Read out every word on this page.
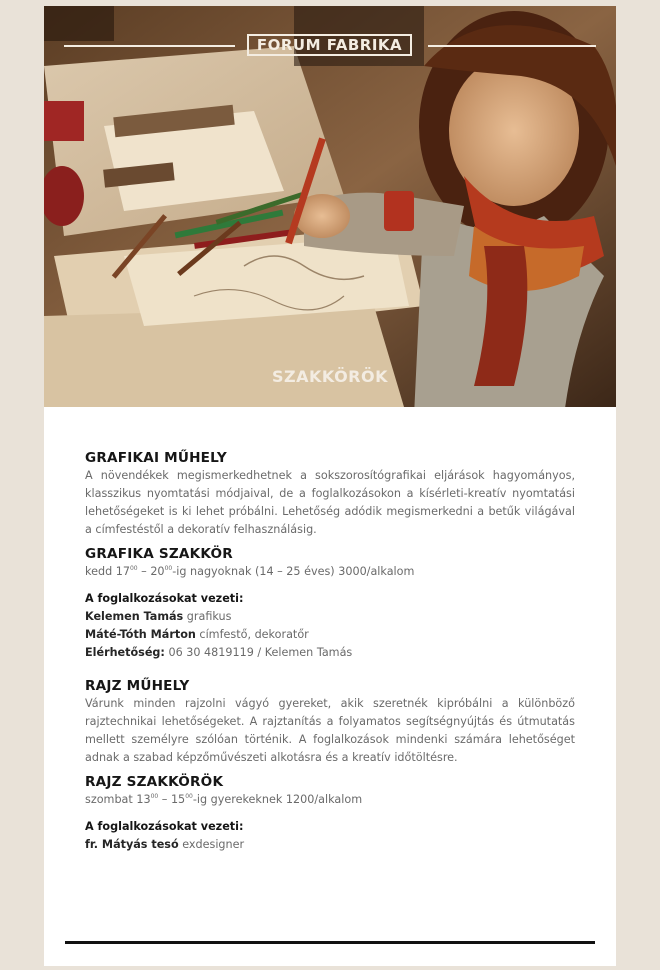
FORUM FABRIKA
SZAKKÖRÖK
GRAFIKAI MŰHELY

A növendékek megismerkedhetnek a sokszorosítógrafikai eljárások hagyományos, klasszikus nyomtatási módjaival, de a foglalkozásokon a kísérleti-kreatív nyomtatási lehetőségeket is ki lehet próbálni. Lehetőség adódik megismerkedni a betűk világával a címfestéstől a dekoratív felhasználásig.

GRAFIKA SZAKKÖR

kedd $17^{00} - 20^{00}-ig$ nagyoknak (14 – 25 éves) 3000/alkalom

A foglalkozásokat vezeti:

Kelemen Tamás grafikus

Máté-Tóth Márton címfestő, dekoratőr

Elérhetőség: 06 30 4819119 / Kelemen Tamás

RAJZ MŰHELY

Várunk minden rajzolni vágyó gyereket, akik szeretnék kipróbálni a különböző rajztechnikai lehetőségeket. A rajztanítás a folyamatos segítségnyújtás és útmutatás mellett személyre szólóan történik. A foglalkozások mindenki számára lehetőséget adnak a szabad képzőművészeti alkotásra és a kreatív időtöltésre.

RAJZ SZAKKÖRÖK

szombat $13^{00} - 15^{00}-ig$ gyerekeknek 1200/alkalom

A foglalkozásokat vezeti:

fr. Mátyás tesó exdesigner
